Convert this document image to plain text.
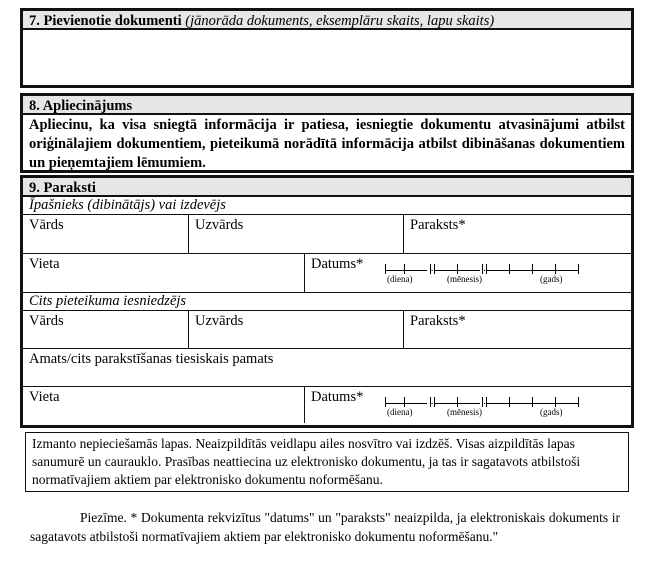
7. Pievienotie dokumenti (jānorāda dokuments, eksemplāru skaits, lapu skaits)
8. Apliecinājums
Apliecinu, ka visa sniegtā informācija ir patiesa, iesniegtie dokumentu atvasinājumi atbilst oriģinālajiem dokumentiem, pieteikumā norādītā informācija atbilst dibināšanas dokumentiem un pieņemtajiem lēmumiem.
9. Paraksti
Īpašnieks (dibinātājs) vai izdevējs
Vārds	Uzvārds	Paraksts*
Vieta	Datums*	.	.
(diena)	(mēnesis)	(gads)
Cits pieteikuma iesniedzējs
Vārds	Uzvārds	Paraksts*
Amats/cits parakstīšanas tiesiskais pamats
Vieta	Datums*	.	.
(diena)	(mēnesis)	(gads)
Izmanto nepieciešamās lapas. Neaizpildītās veidlapu ailes nosvītro vai izdzēš. Visas aizpildītās lapas sanumurē un caurauklo. Prasības neattiecina uz elektronisko dokumentu, ja tas ir sagatavots atbilstoši normatīvajiem aktiem par elektronisko dokumentu noformēšanu.
Piezīme. * Dokumenta rekvizītus "datums" un "paraksts" neaizpilda, ja elektroniskais dokuments ir sagatavots atbilstoši normatīvajiem aktiem par elektronisko dokumentu noformēšanu."
